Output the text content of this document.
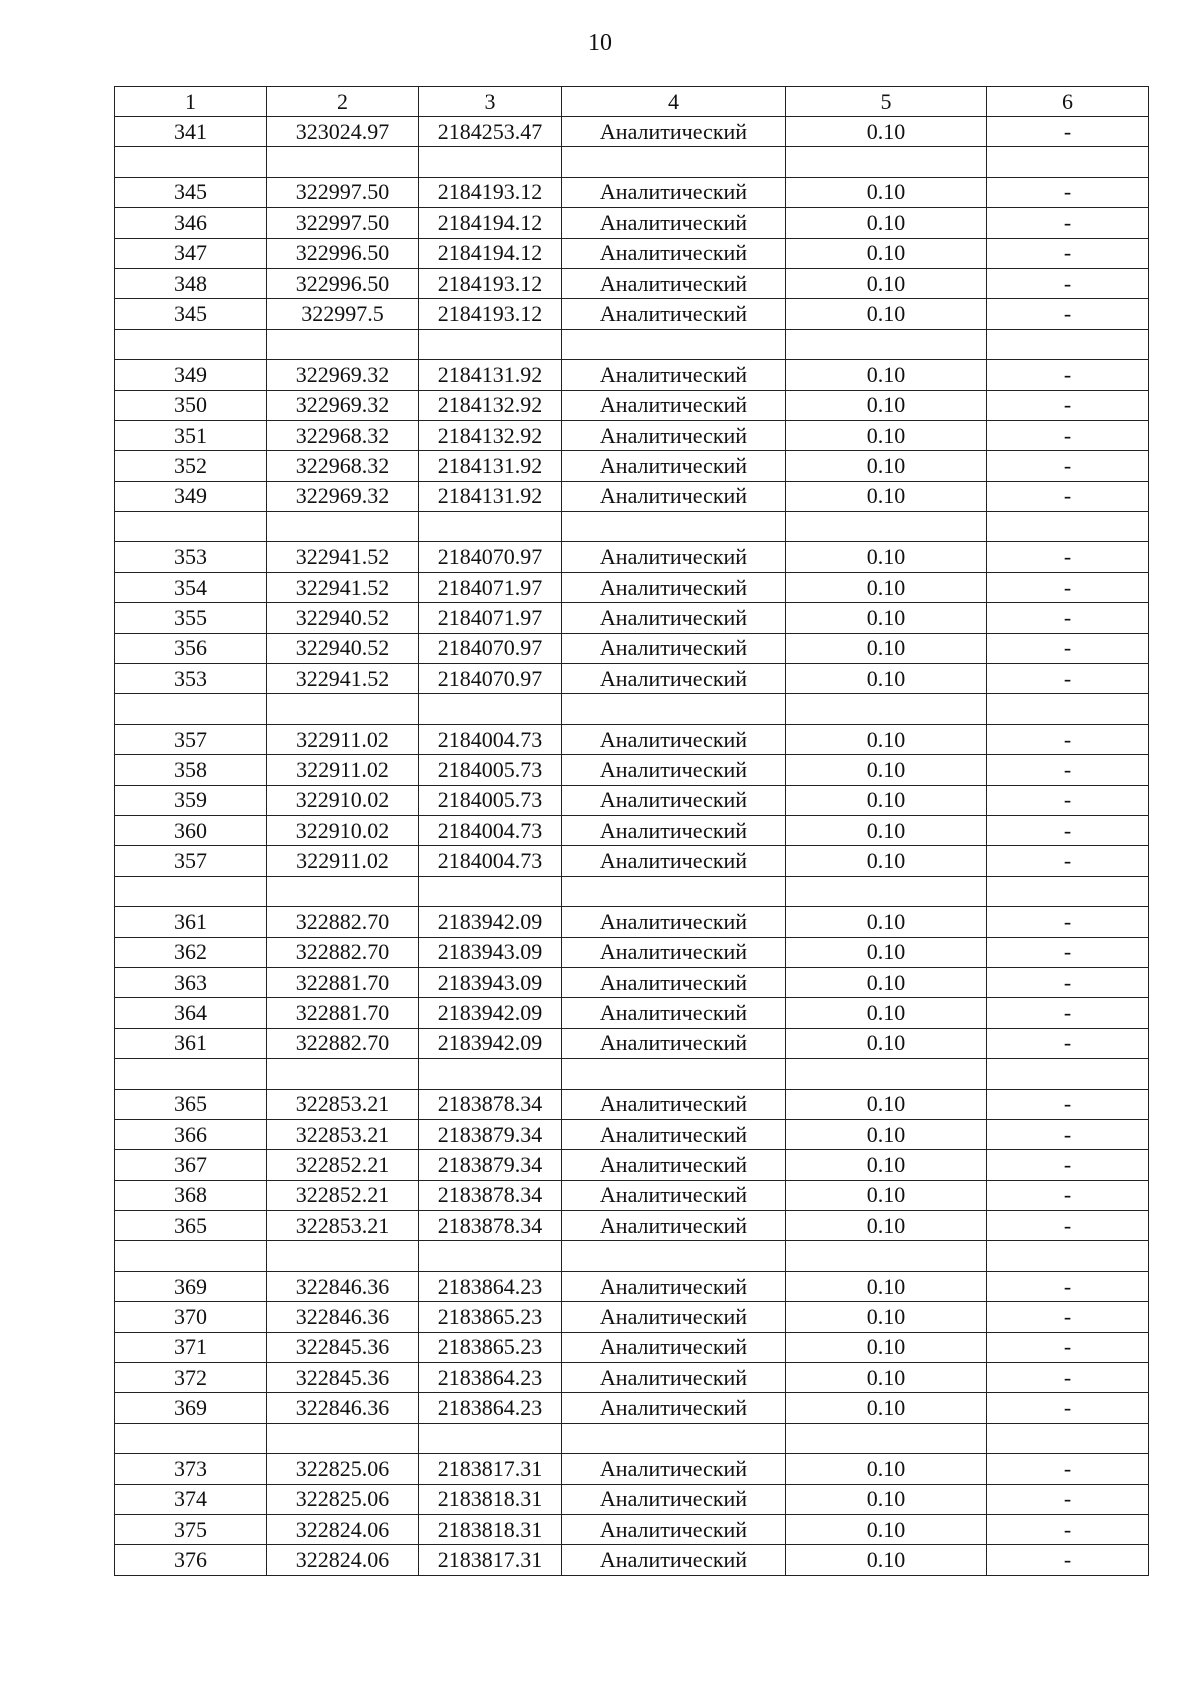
10
1	2	3	4	5	6
341	323024.97	2184253.47	Аналитический	0.10	-

345	322997.50	2184193.12	Аналитический	0.10	-
346	322997.50	2184194.12	Аналитический	0.10	-
347	322996.50	2184194.12	Аналитический	0.10	-
348	322996.50	2184193.12	Аналитический	0.10	-
345	322997.5	2184193.12	Аналитический	0.10	-

349	322969.32	2184131.92	Аналитический	0.10	-
350	322969.32	2184132.92	Аналитический	0.10	-
351	322968.32	2184132.92	Аналитический	0.10	-
352	322968.32	2184131.92	Аналитический	0.10	-
349	322969.32	2184131.92	Аналитический	0.10	-

353	322941.52	2184070.97	Аналитический	0.10	-
354	322941.52	2184071.97	Аналитический	0.10	-
355	322940.52	2184071.97	Аналитический	0.10	-
356	322940.52	2184070.97	Аналитический	0.10	-
353	322941.52	2184070.97	Аналитический	0.10	-

357	322911.02	2184004.73	Аналитический	0.10	-
358	322911.02	2184005.73	Аналитический	0.10	-
359	322910.02	2184005.73	Аналитический	0.10	-
360	322910.02	2184004.73	Аналитический	0.10	-
357	322911.02	2184004.73	Аналитический	0.10	-

361	322882.70	2183942.09	Аналитический	0.10	-
362	322882.70	2183943.09	Аналитический	0.10	-
363	322881.70	2183943.09	Аналитический	0.10	-
364	322881.70	2183942.09	Аналитический	0.10	-
361	322882.70	2183942.09	Аналитический	0.10	-

365	322853.21	2183878.34	Аналитический	0.10	-
366	322853.21	2183879.34	Аналитический	0.10	-
367	322852.21	2183879.34	Аналитический	0.10	-
368	322852.21	2183878.34	Аналитический	0.10	-
365	322853.21	2183878.34	Аналитический	0.10	-

369	322846.36	2183864.23	Аналитический	0.10	-
370	322846.36	2183865.23	Аналитический	0.10	-
371	322845.36	2183865.23	Аналитический	0.10	-
372	322845.36	2183864.23	Аналитический	0.10	-
369	322846.36	2183864.23	Аналитический	0.10	-

373	322825.06	2183817.31	Аналитический	0.10	-
374	322825.06	2183818.31	Аналитический	0.10	-
375	322824.06	2183818.31	Аналитический	0.10	-
376	322824.06	2183817.31	Аналитический	0.10	-
